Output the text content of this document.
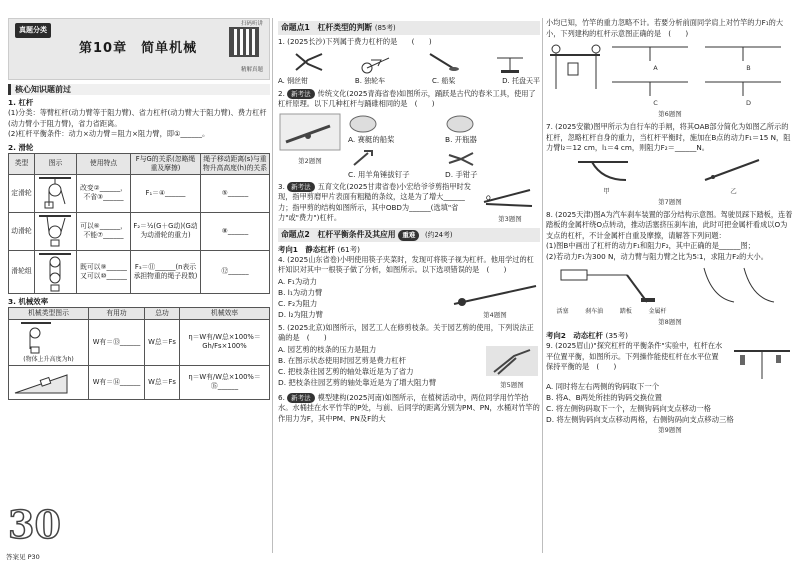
真题分类
第10章　简单机械
扫码听讲
精解真题
核心知识题前过
1. 杠杆
(1)分类：等臂杠杆(动力臂等于阻力臂)、省力杠杆(动力臂大于阻力臂)、费力杠杆(动力臂小于阻力臂)，省力省距离。
(2)杠杆平衡条件：动力×动力臂＝阻力×阻力臂，即①______。
2. 滑轮
类型	图示	使用特点	F与G的关系(忽略绳重及摩擦)	绳子移动距离(s)与重物升高高度(h)的关系
定滑轮		改变②______，不省③______	F₁＝④______	⑤______
动滑轮		可以⑥______，不能⑦______	F₂＝½(G＋G动)(G动为动滑轮的重力)	⑧______
滑轮组		既可以⑨______又可以⑩______	F₃＝⑪______(n表示承担物重的绳子段数)	⑫______
3. 机械效率
机械类型图示	有用功	总功	机械效率

(物体上升高度为h)	W有＝⑬______	W总＝Fs	η＝W有/W总×100%＝Gh/Fs×100%

	W有＝⑭______	W总＝Fs	η＝W有/W总×100%＝⑮______
30
答案见 P30
命题点1　杠杆类型的判断 (85考)
1. (2025长沙)下列属于费力杠杆的是　　(　　)
A. 钢丝钳	B. 独轮车	C. 船桨	D. 托盘天平
2. 新考法 传统文化(2025青海省卷)如图所示，踊跃是古代的春米工具，使用了杠杆原理。以下几种杠杆与踊碓相同的是　(　　)
第2题图
A. 赛艇的船桨	B. 开瓶器
C. 用羊角锤拔钉子	D. 手钳子
3. 新考法 五育文化(2025甘肃省卷)小宏给爷爷剪指甲时发现，指甲剪磨甲片表面有粗糙的条纹，这是为了增大______力；指甲剪的结构如图所示，其中OBD为______(选填"省力"或"费力")杠杆。
O
第3题图
命题点2　杠杆平衡条件及其应用 重难 (约24考)
考向1　静态杠杆 (61考)
4. (2025山东省卷)小明使用筷子夹菜时，发现可将筷子视为杠杆。他用学过的杠杆知识对其中一根筷子做了分析，如图所示。以下选项错误的是　(　　)
A. F₁为动力
B. l₁为动力臂
C. F₂为阻力
D. l₂为阻力臂	第4题图
5. (2025北京)如图所示，园艺工人在修剪枝条。关于园艺剪的使用，下列说法正确的是　(　　)
A. 园艺剪的枝条的压力是阻力
B. 在图示状态使用时园艺剪是费力杠杆
C. 把枝条往园艺剪的轴处靠近是为了省力
D. 把枝条往园艺剪的轴处靠近是为了增大阻力臂	第5题图
6. 新考法 模型建构(2025河南)如图所示，在植树活动中，两位同学用竹竿抬水。水桶挂在水平竹竿的P处，与前、后同学的距离分别为PM、PN，水桶对竹竿的作用力为F，其中PM、PN及F的大
小均已知，竹竿的重力忽略不计。若要分析前面同学肩上对竹竿的力F₁的大小，下列建构的杠杆示意图正确的是　(　　)
A	B
C	D
第6题图
7. (2025安徽)图甲所示为自行车的手闸，将其OAB部分简化为如图乙所示的杠杆，忽略杠杆自身的重力，当杠杆平衡时，施加在B点的动力F₁＝15 N，阻力臂l₂＝12 cm，l₁＝4 cm，则阻力F₂＝______N。
甲	乙
第7题图
8. (2025天津)图A为汽车刹车装置的部分结构示意图。驾驶员踩下踏板，连着踏板的金属杆绕O点转动，推动活塞挤压刹车油，此时可把金属杆看成以O为支点的杠杆，不计金属杆自重及摩擦，请解答下列问题：
(1)图B中画出了杠杆的动力F₁和阻力F₂，其中正确的是______图；
(2)若动力F₁为300 N，动力臂与阻力臂之比为5∶1，求阻力F₂的大小。
活塞	刹车油	踏板	金属杆
第8题图
考向2　动态杠杆 (35考)
9. (2025眉山)"探究杠杆的平衡条件"实验中，杠杆在水平位置平衡，如图所示。下列操作能使杠杆在水平位置保持平衡的是　(　　)
A. 同时将左右两侧的钩码取下一个
B. 将A、B两处所挂的钩码交换位置
C. 将左侧钩码取下一个，左侧钩码向支点移动一格
D. 将左侧钩码向支点移动两格，右侧钩码向支点移动三格
第9题图
